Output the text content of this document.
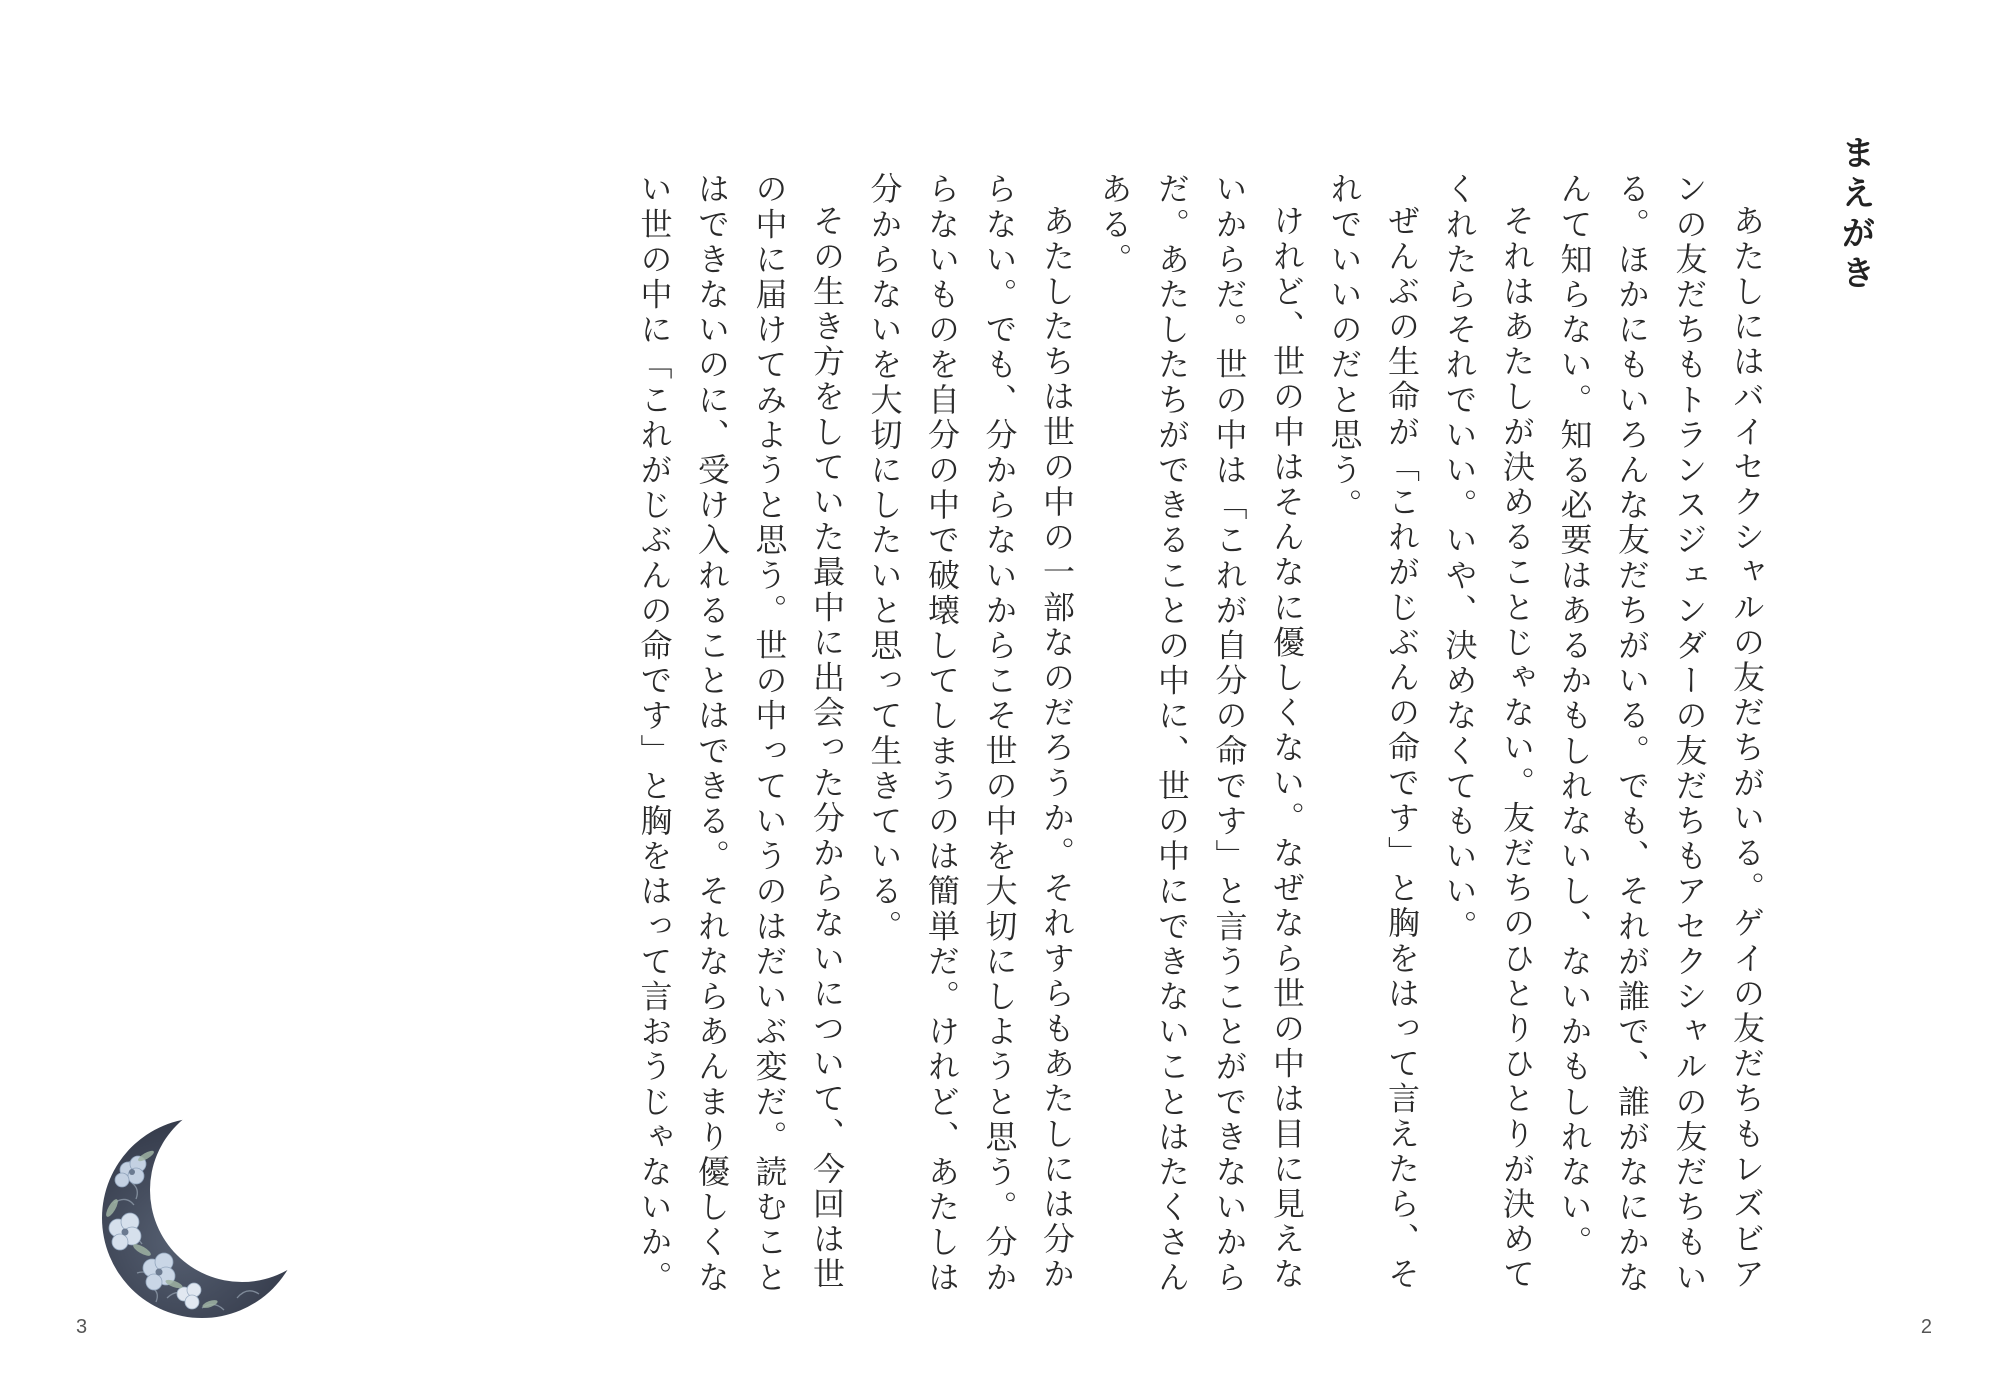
まえがき

あたしにはバイセクシャルの友だちがいる。ゲイの友だちもレズビアンの友だちもトランスジェンダーの友だちもアセクシャルの友だちもいる。ほかにもいろんな友だちがいる。でも、それが誰で、誰がなにかなんて知らない。知る必要はあるかもしれないし、ないかもしれない。

それはあたしが決めることじゃない。友だちのひとりひとりが決めてくれたらそれでいい。いや、決めなくてもいい。

ぜんぶの生命が「これがじぶんの命です」と胸をはって言えたら、それでいいのだと思う。

けれど、世の中はそんなに優しくない。なぜなら世の中は目に見えないからだ。世の中は「これが自分の命です」と言うことができないからだ。あたしたちができることの中に、世の中にできないことはたくさんある。

あたしたちは世の中の一部なのだろうか。それすらもあたしには分からない。でも、分からないからこそ世の中を大切にしようと思う。分からないものを自分の中で破壊してしまうのは簡単だ。けれど、あたしは分からないを大切にしたいと思って生きている。

その生き方をしていた最中に出会った分からないについて、今回は世の中に届けてみようと思う。世の中っていうのはだいぶ変だ。読むことはできないのに、受け入れることはできる。それならあんまり優しくない世の中に「これがじぶんの命です」と胸をはって言おうじゃないか。

3	2
